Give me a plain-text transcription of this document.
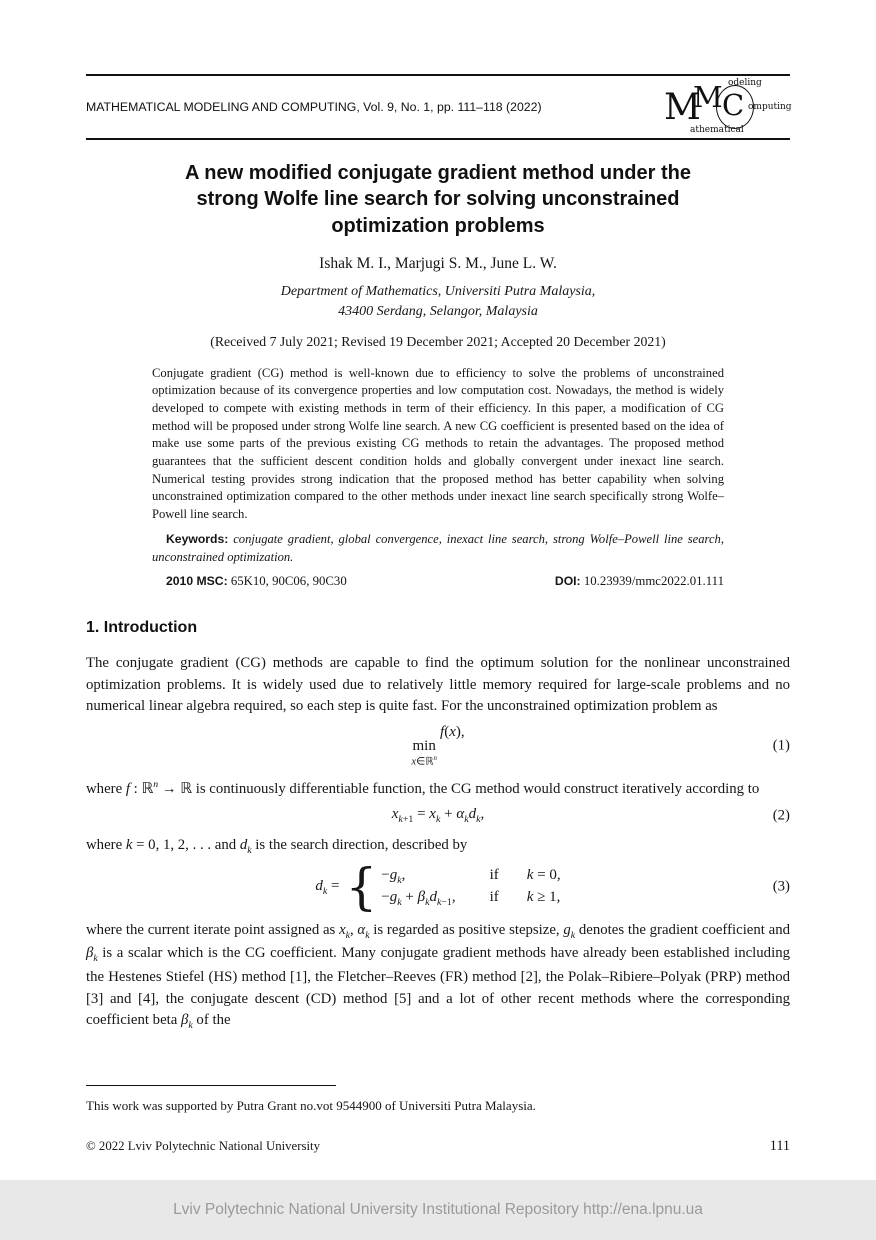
MATHEMATICAL MODELING AND COMPUTING, Vol. 9, No. 1, pp. 111–118 (2022)
odeling
M
M C omputing
athematical
A new modified conjugate gradient method under the strong Wolfe line search for solving unconstrained optimization problems
Ishak M. I., Marjugi S. M., June L. W.
Department of Mathematics, Universiti Putra Malaysia,
43400 Serdang, Selangor, Malaysia
(Received 7 July 2021; Revised 19 December 2021; Accepted 20 December 2021)
Conjugate gradient (CG) method is well-known due to efficiency to solve the problems of unconstrained optimization because of its convergence properties and low computation cost. Nowadays, the method is widely developed to compete with existing methods in term of their efficiency. In this paper, a modification of CG method will be proposed under strong Wolfe line search. A new CG coefficient is presented based on the idea of make use some parts of the previous existing CG methods to retain the advantages. The proposed method guarantees that the sufficient descent condition holds and globally convergent under inexact line search. Numerical testing provides strong indication that the proposed method has better capability when solving unconstrained optimization compared to the other methods under inexact line search specifically strong Wolfe–Powell line search.
Keywords: conjugate gradient, global convergence, inexact line search, strong Wolfe–Powell line search, unconstrained optimization.
2010 MSC: 65K10, 90C06, 90C30	DOI: 10.23939/mmc2022.01.111
1. Introduction

The conjugate gradient (CG) methods are capable to find the optimum solution for the nonlinear unconstrained optimization problems. It is widely used due to relatively little memory required for large-scale problems and no numerical linear algebra required, so each step is quite fast. For the unconstrained optimization problem as

min
x∈ℝ$^n$
 f(x),
(1)

where f : ℝ$^n$ → ℝ is continuously differentiable function, the CG method would construct iteratively according to

$x_{k+1} = x_k + \alpha_kd_k$,	(2)

where k = 0, 1, 2, . . . and $d_k$ is the search direction, described by

$d_k$ = { $-g_k$,	if	k = 0,
$-g_k + \beta_kd_{k-1}$,	if	k ≥ 1,
(3)

where the current iterate point assigned as $x_k$, $\alpha_k$ is regarded as positive stepsize, $g_k$ denotes the gradient coefficient and $\beta_k$ is a scalar which is the CG coefficient. Many conjugate gradient methods have already been established including the Hestenes Stiefel (HS) method [1], the Fletcher–Reeves (FR) method [2], the Polak–Ribiere–Polyak (PRP) method [3] and [4], the conjugate descent (CD) method [5] and a lot of other recent methods where the corresponding coefficient beta $\beta_k$ of the

This work was supported by Putra Grant no.vot 9544900 of Universiti Putra Malaysia.
© 2022 Lviv Polytechnic National University	111
Lviv Polytechnic National University Institutional Repository http://ena.lpnu.ua
